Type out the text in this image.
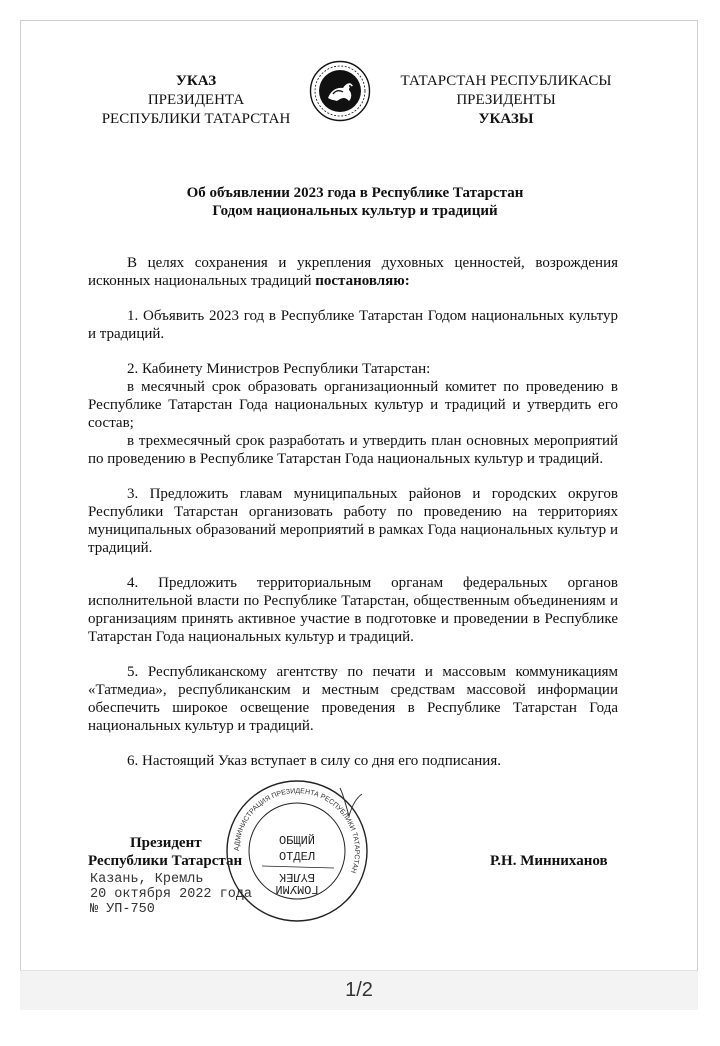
УКАЗ
ПРЕЗИДЕНТА
РЕСПУБЛИКИ ТАТАРСТАН
ТАТАРСТАН РЕСПУБЛИКАСЫ
ПРЕЗИДЕНТЫ
УКАЗЫ
Об объявлении 2023 года в Республике Татарстан
Годом национальных культур и традиций

В целях сохранения и укрепления духовных ценностей, возрождения исконных национальных традиций постановляю:

1. Объявить 2023 год в Республике Татарстан Годом национальных культур и традиций.

2. Кабинету Министров Республики Татарстан:

в месячный срок образовать организационный комитет по проведению в Республике Татарстан Года национальных культур и традиций и утвердить его состав;

в трехмесячный срок разработать и утвердить план основных мероприятий по проведению в Республике Татарстан Года национальных культур и традиций.

3. Предложить главам муниципальных районов и городских округов Республики Татарстан организовать работу по проведению на территориях муниципальных образований мероприятий в рамках Года национальных культур и традиций.

4. Предложить территориальным органам федеральных органов исполнительной власти по Республике Татарстан, общественным объединениям и организациям принять активное участие в подготовке и проведении в Республике Татарстан Года национальных культур и традиций.

5. Республиканскому агентству по печати и массовым коммуникациям «Татмедиа», республиканским и местным средствам массовой информации обеспечить широкое освещение проведения в Республике Татарстан Года национальных культур и традиций.

6. Настоящий Указ вступает в силу со дня его подписания.

Президент
Республики Татарстан	Р.Н. Минниханов
Казань, Кремль
20 октября 2022 года
№ УП-750
АДМИНИСТРАЦИЯ ПРЕЗИДЕНТА РЕСПУБЛИКИ ТАТАРСТАН
ОБЩИЙ
ОТДЕЛ
ГОМУМИ
БҮЛЕК
1/2
